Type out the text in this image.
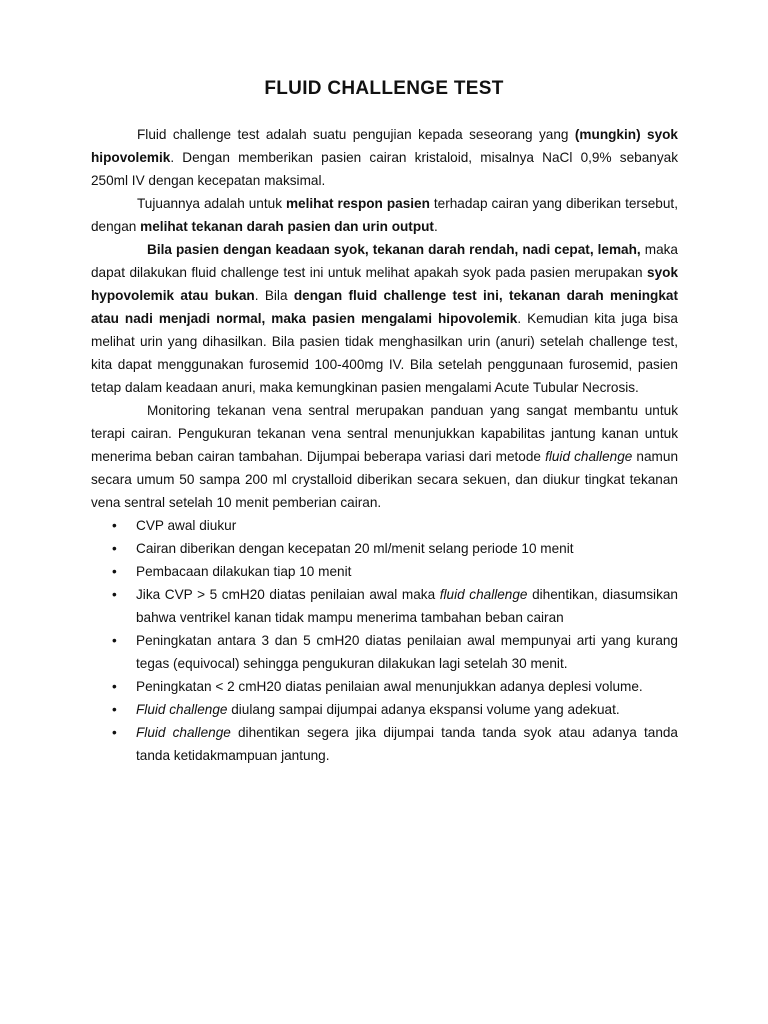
FLUID CHALLENGE TEST

Fluid challenge test adalah suatu pengujian kepada seseorang yang (mungkin) syok hipovolemik. Dengan memberikan pasien cairan kristaloid, misalnya NaCl 0,9% sebanyak 250ml IV dengan kecepatan maksimal.

Tujuannya adalah untuk melihat respon pasien terhadap cairan yang diberikan tersebut, dengan melihat tekanan darah pasien dan urin output.

Bila pasien dengan keadaan syok, tekanan darah rendah, nadi cepat, lemah, maka dapat dilakukan fluid challenge test ini untuk melihat apakah syok pada pasien merupakan syok hypovolemik atau bukan. Bila dengan fluid challenge test ini, tekanan darah meningkat atau nadi menjadi normal, maka pasien mengalami hipovolemik. Kemudian kita juga bisa melihat urin yang dihasilkan. Bila pasien tidak menghasilkan urin (anuri) setelah challenge test, kita dapat menggunakan furosemid 100-400mg IV. Bila setelah penggunaan furosemid, pasien tetap dalam keadaan anuri, maka kemungkinan pasien mengalami Acute Tubular Necrosis.

Monitoring tekanan vena sentral merupakan panduan yang sangat membantu untuk terapi cairan. Pengukuran tekanan vena sentral menunjukkan kapabilitas jantung kanan untuk menerima beban cairan tambahan. Dijumpai beberapa variasi dari metode fluid challenge namun secara umum 50 sampa 200 ml crystalloid diberikan secara sekuen, dan diukur tingkat tekanan vena sentral setelah 10 menit pemberian cairan.

• CVP awal diukur
• Cairan diberikan dengan kecepatan 20 ml/menit selang periode 10 menit
• Pembacaan dilakukan tiap 10 menit
• Jika CVP > 5 cmH20 diatas penilaian awal maka fluid challenge dihentikan, diasumsikan bahwa ventrikel kanan tidak mampu menerima tambahan beban cairan
• Peningkatan antara 3 dan 5 cmH20 diatas penilaian awal mempunyai arti yang kurang tegas (equivocal) sehingga pengukuran dilakukan lagi setelah 30 menit.
• Peningkatan < 2 cmH20 diatas penilaian awal menunjukkan adanya deplesi volume.
• Fluid challenge diulang sampai dijumpai adanya ekspansi volume yang adekuat.
• Fluid challenge dihentikan segera jika dijumpai tanda tanda syok atau adanya tanda tanda ketidakmampuan jantung.
